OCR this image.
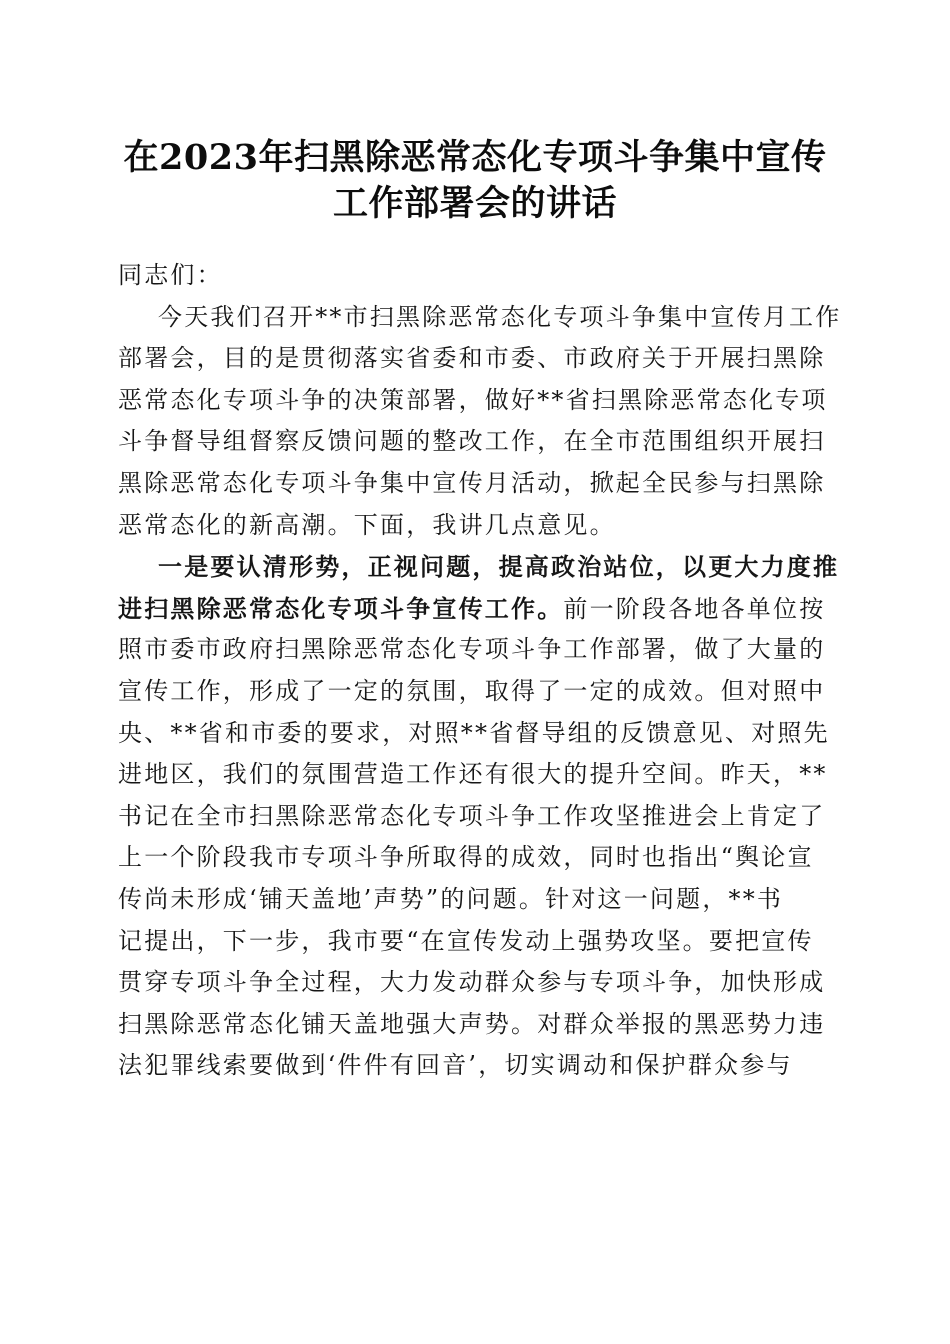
在2023年扫黑除恶常态化专项斗争集中宣传
工作部署会的讲话
同志们：
今天我们召开**市扫黑除恶常态化专项斗争集中宣传月工作
部署会，目的是贯彻落实省委和市委、市政府关于开展扫黑除
恶常态化专项斗争的决策部署，做好**省扫黑除恶常态化专项
斗争督导组督察反馈问题的整改工作，在全市范围组织开展扫
黑除恶常态化专项斗争集中宣传月活动，掀起全民参与扫黑除
恶常态化的新高潮。下面，我讲几点意见。
一是要认清形势，正视问题，提高政治站位，以更大力度推
进扫黑除恶常态化专项斗争宣传工作。前一阶段各地各单位按
照市委市政府扫黑除恶常态化专项斗争工作部署，做了大量的
宣传工作，形成了一定的氛围，取得了一定的成效。但对照中
央、**省和市委的要求，对照**省督导组的反馈意见、对照先
进地区，我们的氛围营造工作还有很大的提升空间。昨天，**
书记在全市扫黑除恶常态化专项斗争工作攻坚推进会上肯定了
上一个阶段我市专项斗争所取得的成效，同时也指出“舆论宣
传尚未形成‘铺天盖地’声势”的问题。针对这一问题，**书
记提出，下一步，我市要“在宣传发动上强势攻坚。要把宣传
贯穿专项斗争全过程，大力发动群众参与专项斗争，加快形成
扫黑除恶常态化铺天盖地强大声势。对群众举报的黑恶势力违
法犯罪线索要做到‘件件有回音’，切实调动和保护群众参与
